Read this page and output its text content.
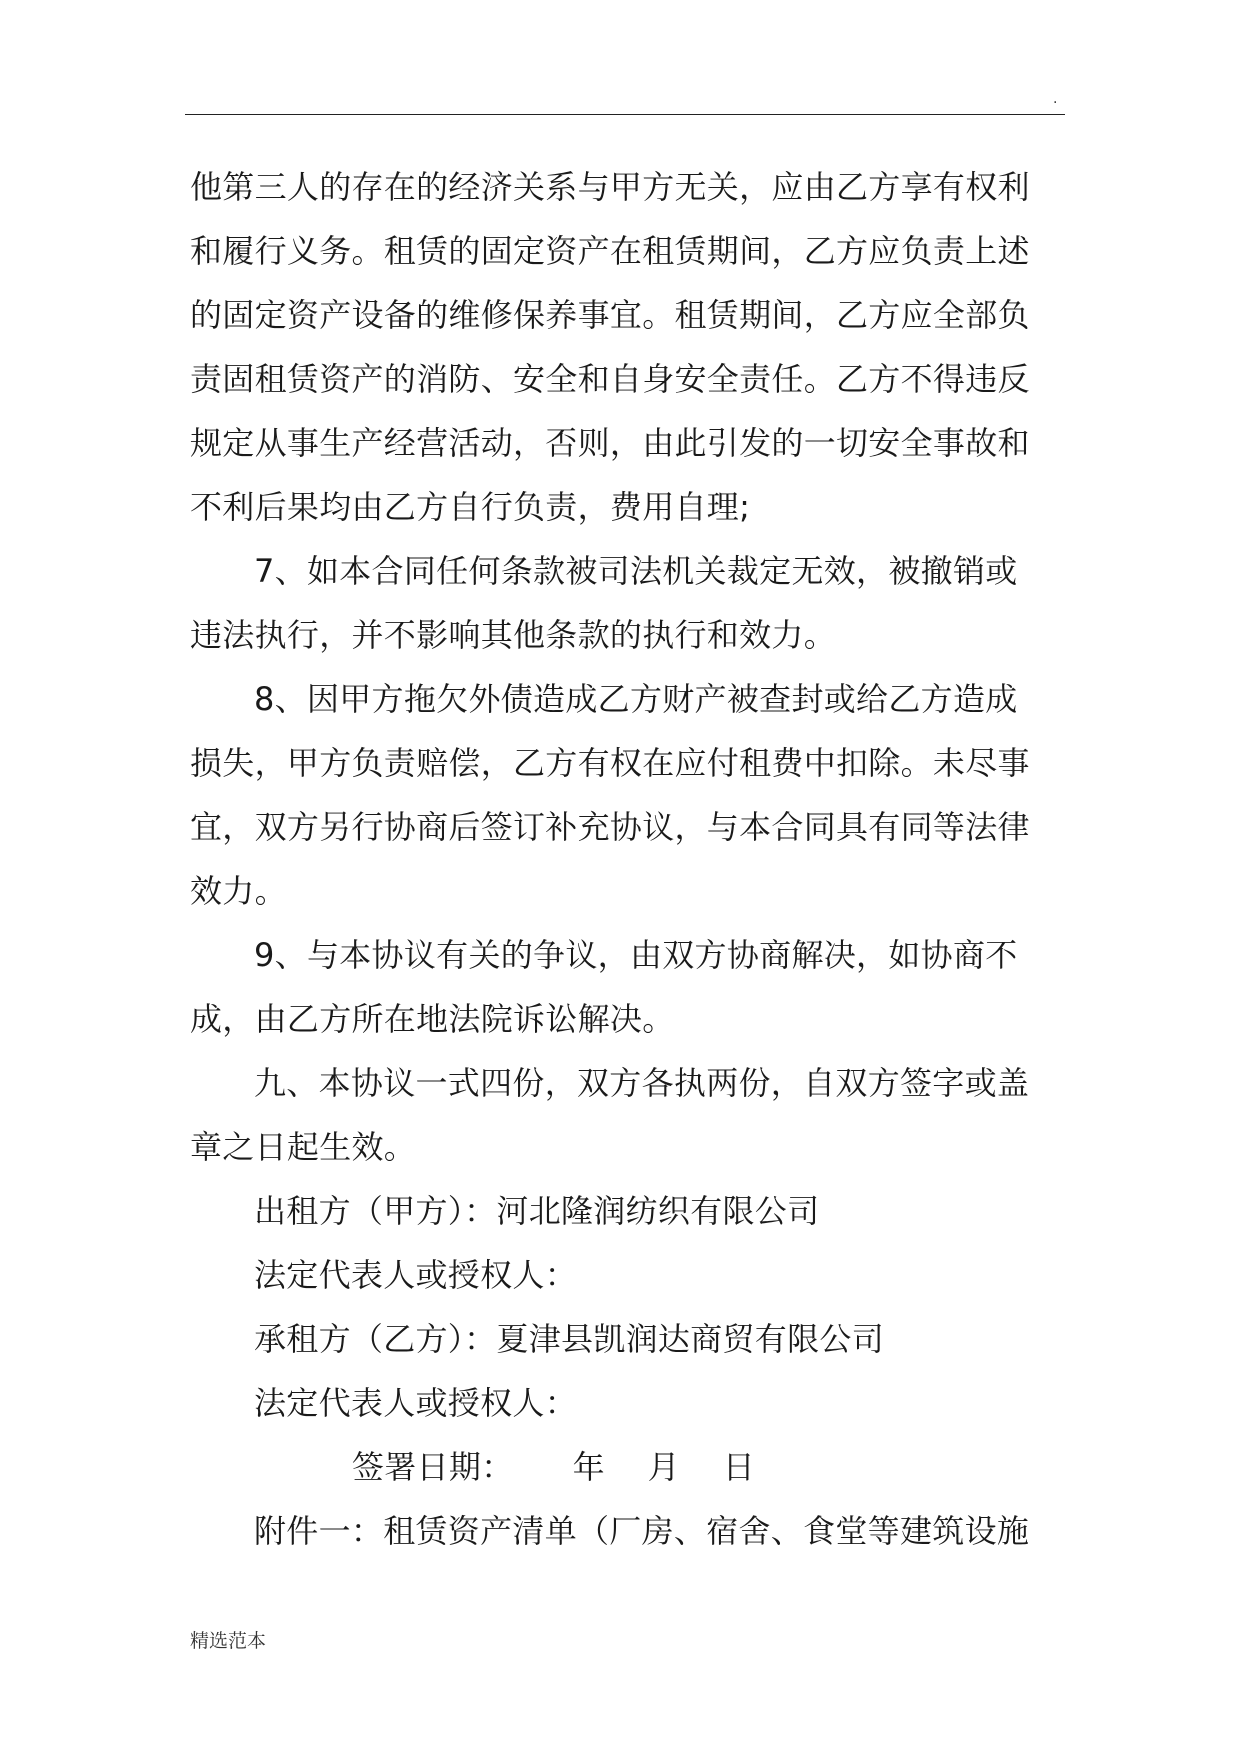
.
他第三人的存在的经济关系与甲方无关，应由乙方享有权利
和履行义务。租赁的固定资产在租赁期间，乙方应负责上述
的固定资产设备的维修保养事宜。租赁期间，乙方应全部负
责固租赁资产的消防、安全和自身安全责任。乙方不得违反
规定从事生产经营活动，否则，由此引发的一切安全事故和
不利后果均由乙方自行负责，费用自理;
7、如本合同任何条款被司法机关裁定无效，被撤销或
违法执行，并不影响其他条款的执行和效力。
8、因甲方拖欠外债造成乙方财产被查封或给乙方造成
损失，甲方负责赔偿，乙方有权在应付租费中扣除。未尽事
宜，双方另行协商后签订补充协议，与本合同具有同等法律
效力。
9、与本协议有关的争议，由双方协商解决，如协商不
成，由乙方所在地法院诉讼解决。
九、本协议一式四份，双方各执两份，自双方签字或盖
章之日起生效。
出租方（甲方）：河北隆润纺织有限公司
法定代表人或授权人：
承租方（乙方）：夏津县凯润达商贸有限公司
法定代表人或授权人：
签署日期：　　 年　 月　 日
附件一：租赁资产清单（厂房、宿舍、食堂等建筑设施
精选范本
